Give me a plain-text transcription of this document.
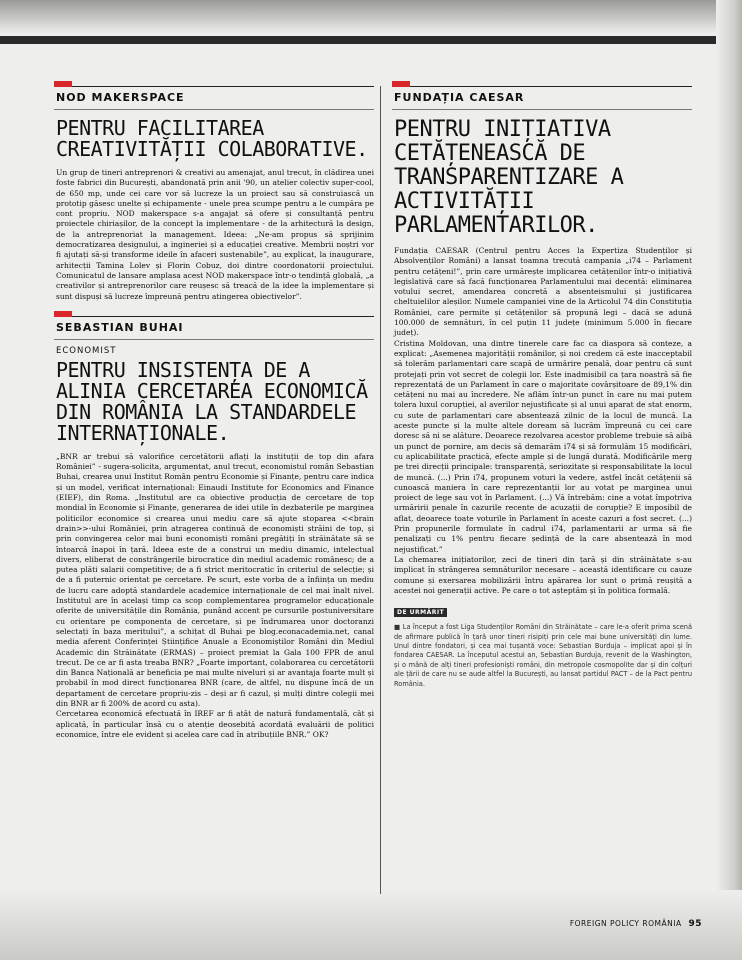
NOD MAKERSPACE
PENTRU FACILITAREA CREATIVITĂȚII COLABORATIVE.

Un grup de tineri antreprenori & creativi au amenajat, anul trecut, în clădirea unei foste fabrici din București, abandonată prin anii '90, un atelier colectiv super-cool, de 650 mp, unde cei care vor să lucreze la un proiect sau să construiască un prototip găsesc unelte și echipamente - unele prea scumpe pentru a le cumpăra pe cont propriu. NOD makerspace s-a angajat să ofere și consultanță pentru proiectele chiriașilor, de la concept la implementare - de la arhitectură la design, de la antreprenoriat la management. Ideea: „Ne-am propus să sprijinim democratizarea designului, a ingineriei și a educației creative. Membrii noștri vor fi ajutați să-și transforme ideile în afaceri sustenabile”, au explicat, la inaugurare, arhitecții Tamina Lolev și Florin Cobuz, doi dintre coordonatorii proiectului. Comunicatul de lansare amplasa acest NOD makerspace într-o tendință globală, „a creativilor și antreprenorilor care reușesc să treacă de la idee la implementare și sunt dispuși să lucreze împreună pentru atingerea obiectivelor”.

SEBASTIAN BUHAI
ECONOMIST
PENTRU INSISTENȚA DE A ALINIA CERCETAREA ECONOMICĂ DIN ROMÂNIA LA STANDARDELE INTERNAȚIONALE.

„BNR ar trebui să valorifice cercetătorii aflați la instituții de top din afara României” - sugera-solicita, argumentat, anul trecut, economistul român Sebastian Buhai, crearea unui Institut Român pentru Economie și Finanțe, pentru care indica și un model, verificat internațional: Einaudi Institute for Economics and Finance (EIEF), din Roma. „Institutul are ca obiective producția de cercetare de top mondial în Economie și Finanțe, generarea de idei utile în dezbaterile pe marginea politicilor economice și crearea unui mediu care să ajute stoparea <<brain drain>>-ului României, prin atragerea continuă de economiști străini de top, și prin convingerea celor mai buni economiști români pregătiți în străinătate să se întoarcă înapoi în țară. Ideea este de a construi un mediu dinamic, intelectual divers, eliberat de constrângerile birocratice din mediul academic românesc; de a putea plăti salarii competitive; de a fi strict meritocratic în criteriul de selecție; și de a fi puternic orientat pe cercetare. Pe scurt, este vorba de a înființa un mediu de lucru care adoptă standardele academice internaționale de cel mai înalt nivel. Institutul are în același timp ca scop complementarea programelor educaționale oferite de universitățile din România, punând accent pe cursurile postuniversitare cu orientare pe componenta de cercetare, și pe îndrumarea unor doctoranzi selectați în baza meritului”, a schițat dl Buhai pe blog.econacademia.net, canal media aferent Conferinței Științifice Anuale a Economiștilor Români din Mediul Academic din Străinătate (ERMAS) – proiect premiat la Gala 100 FPR de anul trecut. De ce ar fi asta treaba BNR? „Foarte important, colaborarea cu cercetătorii din Banca Națională ar beneficia pe mai multe niveluri și ar avantaja foarte mult și probabil în mod direct funcționarea BNR (care, de altfel, nu dispune încă de un departament de cercetare propriu-zis – deși ar fi cazul, și mulți dintre colegii mei din BNR ar fi 200% de acord cu asta).

Cercetarea economică efectuată în IREF ar fi atât de natură fundamentală, cât și aplicată, în particular însă cu o atenție deosebită acordată evaluării de politici economice, între ele evident și acelea care cad în atribuțiile BNR.” OK?

FUNDAȚIA CAESAR
PENTRU INIȚIATIVA CETĂȚENEASCĂ DE TRANSPARENTIZARE A ACTIVITĂȚII PARLAMENTARILOR.

Fundația CAESAR (Centrul pentru Acces la Expertiza Studenților și Absolvenților Români) a lansat toamna trecută campania „i74 – Parlament pentru cetățeni!”, prin care urmărește implicarea cetățenilor într-o inițiativă legislativă care să facă funcționarea Parlamentului mai decentă: eliminarea votului secret, amendarea concretă a absenteismului și justificarea cheltuielilor aleșilor. Numele campaniei vine de la Articolul 74 din Constituția României, care permite și cetățenilor să propună legi – dacă se adună 100.000 de semnături, în cel puțin 11 județe (minimum 5.000 în fiecare județ).

Cristina Moldovan, una dintre tinerele care fac ca diaspora să conteze, a explicat: „Asemenea majorității românilor, și noi credem că este inacceptabil să tolerăm parlamentari care scapă de urmărire penală, doar pentru că sunt protejați prin vot secret de colegii lor. Este inadmisibil ca țara noastră să fie reprezentată de un Parlament în care o majoritate covârșitoare de 89,1% din cetățeni nu mai au încredere. Ne aflăm într-un punct în care nu mai putem tolera luxul corupției, al averilor nejustificate și al unui aparat de stat enorm, cu sute de parlamentari care absentează zilnic de la locul de muncă. La aceste puncte și la multe altele doream să lucrăm împreună cu cei care doresc să ni se alăture. Deoarece rezolvarea acestor probleme trebuie să aibă un punct de pornire, am decis să demarăm i74 și să formulăm 15 modificări, cu aplicabilitate practică, efecte ample și de lungă durată. Modificările merg pe trei direcții principale: transparență, seriozitate și responsabilitate la locul de muncă. (...) Prin i74, propunem voturi la vedere, astfel încât cetățenii să cunoască maniera în care reprezentanții lor au votat pe marginea unui proiect de lege sau vot în Parlament. (...) Vă întrebăm: cine a votat împotriva urmăririi penale în cazurile recente de acuzații de corupție? E imposibil de aflat, deoarece toate voturile în Parlament în aceste cazuri a fost secret. (...) Prin propunerile formulate în cadrul i74, parlamentarii ar urma să fie penalizați cu 1% pentru fiecare ședință de la care absentează în mod nejustificat.”

La chemarea inițiatorilor, zeci de tineri din țară și din străinătate s-au implicat în strângerea semnăturilor necesare – această identificare cu cauze comune și exersarea mobilizării întru apărarea lor sunt o primă reușită a acestei noi generații active. Pe care o tot așteptăm și în politica formală.

DE URMĂRIT

■ La început a fost Liga Studenților Români din Străinătate – care le-a oferit prima scenă de afirmare publică în țară unor tineri risipiți prin cele mai bune universități din lume. Unul dintre fondatori, și cea mai tușantă voce: Sebastian Burduja – implicat apoi și în fondarea CAESAR. La începutul acestui an, Sebastian Burduja, revenit de la Washington, și o mână de alți tineri profesioniști români, din metropole cosmopolite dar și din colțuri ale țării de care nu se aude altfel la București, au lansat partidul PACT – de la Pact pentru România.

FOREIGN POLICY ROMÂNIA 95
